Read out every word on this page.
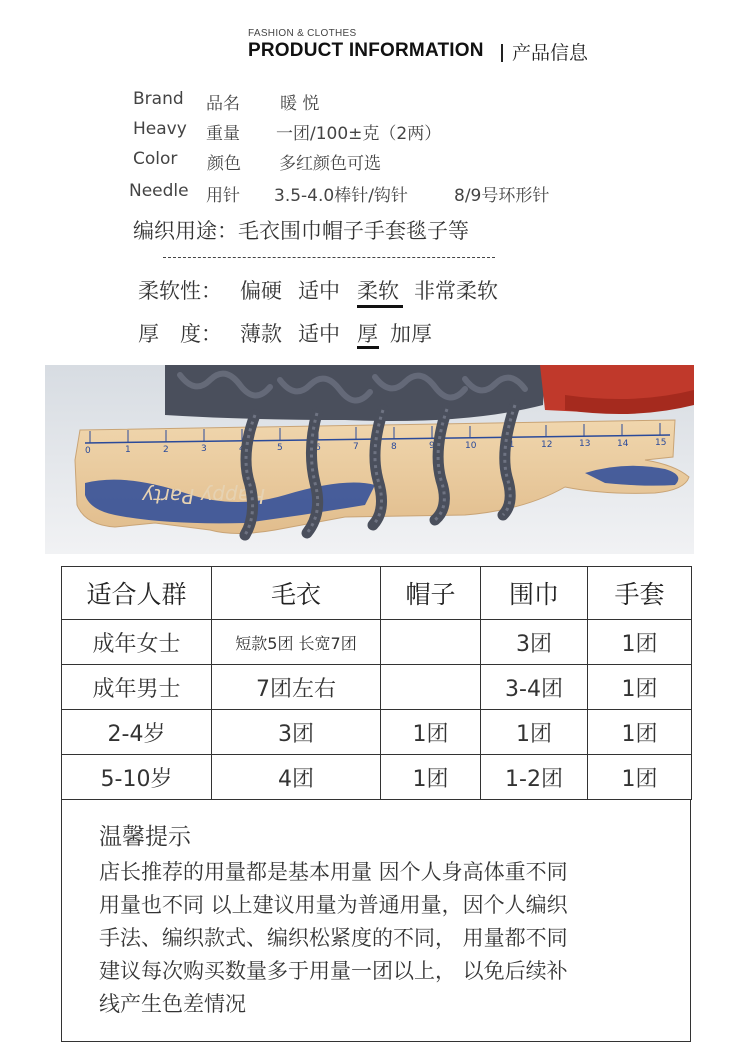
FASHION & CLOTHES
PRODUCT INFORMATION 产品信息
Brand 品名 暖 悦
Heavy 重量 一团/100±克（2两）
Color 颜色 多红颜色可选
Needle 用针 3.5-4.0棒针/钩针	8/9号环形针
编织用途：毛衣围巾帽子手套毯子等
柔软性： 偏硬 适中 柔软 非常柔软
厚　度： 薄款 适中 厚 加厚
0	1	2	3	4	5	6	7	8	9	10	11	12	13	14	15
Happy Party
适合人群	毛衣	帽子	围巾	手套
成年女士	短款5团 长宽7团		3团	1团
成年男士	7团左右		3-4团	1团
2-4岁	3团	1团	1团	1团
5-10岁	4团	1团	1-2团	1团
温馨提示
店长推荐的用量都是基本用量 因个人身高体重不同
用量也不同 以上建议用量为普通用量，因个人编织
手法、编织款式、编织松紧度的不同， 用量都不同
建议每次购买数量多于用量一团以上， 以免后续补
线产生色差情况
